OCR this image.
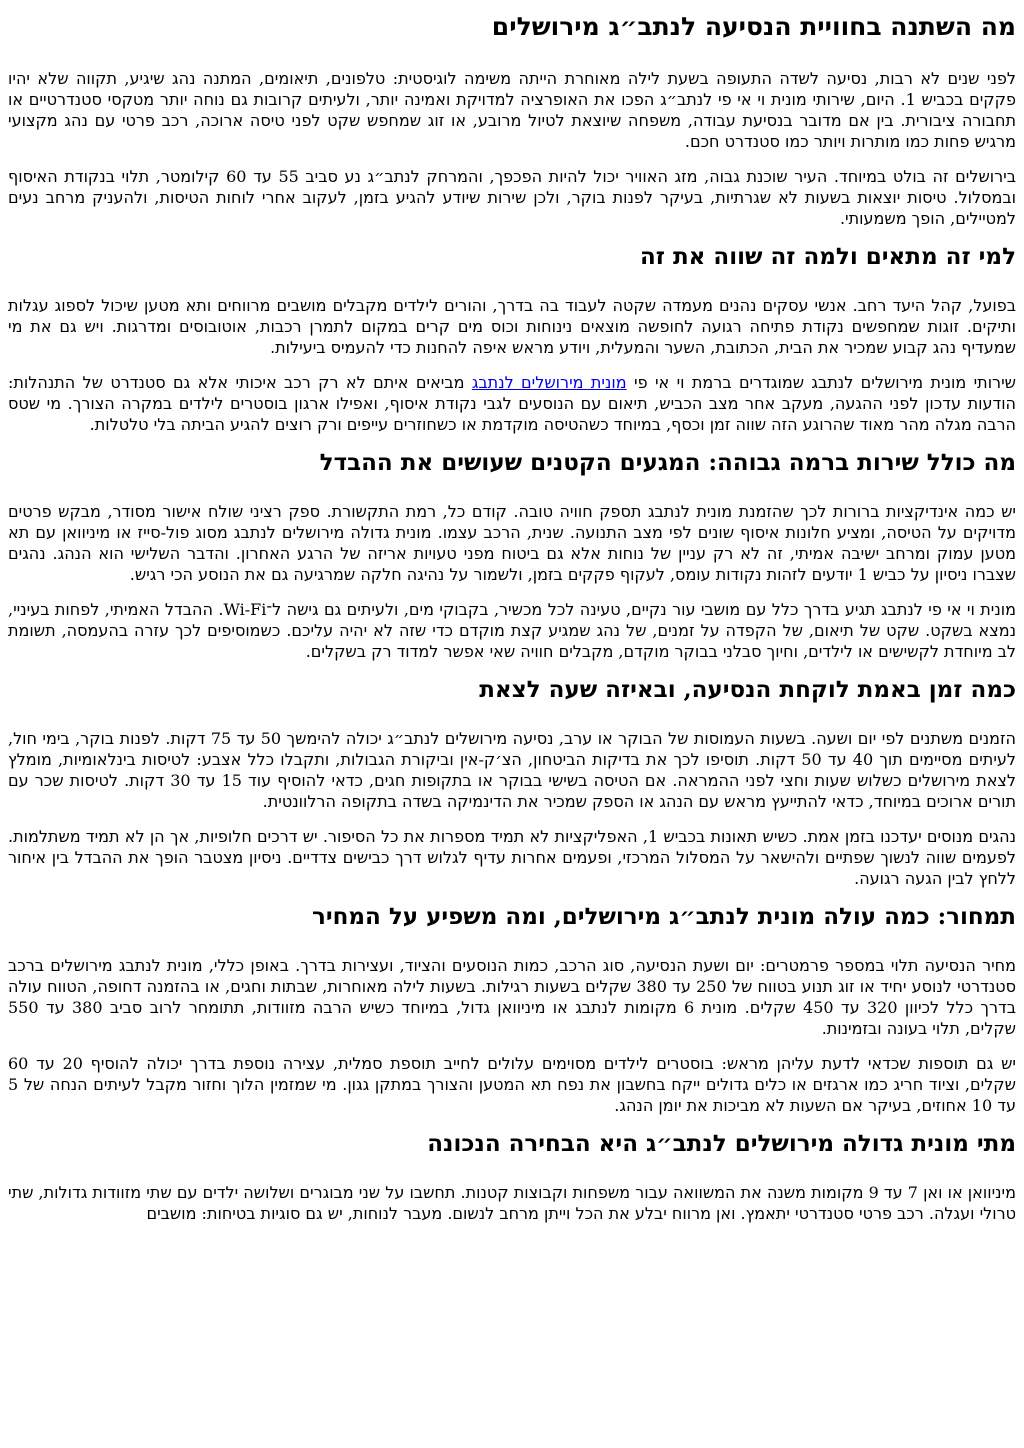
מה השתנה בחוויית הנסיעה לנתב״ג מירושלים

לפני שנים לא רבות, נסיעה לשדה התעופה בשעת לילה מאוחרת הייתה משימה לוגיסטית: טלפונים, תיאומים, המתנה נהג שיגיע, תקווה שלא יהיו פקקים בכביש 1. היום, שירותי מונית וי אי פי לנתב״ג הפכו את האופרציה למדויקת ואמינה יותר, ולעיתים קרובות גם נוחה יותר מטקסי סטנדרטיים או תחבורה ציבורית. בין אם מדובר בנסיעת עבודה, משפחה שיוצאת לטיול מרובע, או זוג שמחפש שקט לפני טיסה ארוכה, רכב פרטי עם נהג מקצועי מרגיש פחות כמו מותרות ויותר כמו סטנדרט חכם.

בירושלים זה בולט במיוחד. העיר שוכנת גבוה, מזג האוויר יכול להיות הפכפך, והמרחק לנתב״ג נע סביב 55 עד 60 קילומטר, תלוי בנקודת האיסוף ובמסלול. טיסות יוצאות בשעות לא שגרתיות, בעיקר לפנות בוקר, ולכן שירות שיודע להגיע בזמן, לעקוב אחרי לוחות הטיסות, ולהעניק מרחב נעים למטיילים, הופך משמעותי.

למי זה מתאים ולמה זה שווה את זה

בפועל, קהל היעד רחב. אנשי עסקים נהנים מעמדה שקטה לעבוד בה בדרך, והורים לילדים מקבלים מושבים מרווחים ותא מטען שיכול לספוג עגלות ותיקים. זוגות שמחפשים נקודת פתיחה רגועה לחופשה מוצאים נינוחות וכוס מים קרים במקום לתמרן רכבות, אוטובוסים ומדרגות. ויש גם את מי שמעדיף נהג קבוע שמכיר את הבית, הכתובת, השער והמעלית, ויודע מראש איפה להחנות כדי להעמיס ביעילות.

שירותי מונית מירושלים לנתבג שמוגדרים ברמת וי אי פי מונית מירושלים לנתבג מביאים איתם לא רק רכב איכותי אלא גם סטנדרט של התנהלות: הודעות עדכון לפני ההגעה, מעקב אחר מצב הכביש, תיאום עם הנוסעים לגבי נקודת איסוף, ואפילו ארגון בוסטרים לילדים במקרה הצורך. מי שטס הרבה מגלה מהר מאוד שהרוגע הזה שווה זמן וכסף, במיוחד כשהטיסה מוקדמת או כשחוזרים עייפים ורק רוצים להגיע הביתה בלי טלטלות.

מה כולל שירות ברמה גבוהה: המגעים הקטנים שעושים את ההבדל

יש כמה אינדיקציות ברורות לכך שהזמנת מונית לנתבג תספק חוויה טובה. קודם כל, רמת התקשורת. ספק רציני שולח אישור מסודר, מבקש פרטים מדויקים על הטיסה, ומציע חלונות איסוף שונים לפי מצב התנועה. שנית, הרכב עצמו. מונית גדולה מירושלים לנתבג מסוג פול-סייז או מיניוואן עם תא מטען עמוק ומרחב ישיבה אמיתי, זה לא רק עניין של נוחות אלא גם ביטוח מפני טעויות אריזה של הרגע האחרון. והדבר השלישי הוא הנהג. נהגים שצברו ניסיון על כביש 1 יודעים לזהות נקודות עומס, לעקוף פקקים בזמן, ולשמור על נהיגה חלקה שמרגיעה גם את הנוסע הכי רגיש.

מונית וי אי פי לנתבג תגיע בדרך כלל עם מושבי עור נקיים, טעינה לכל מכשיר, בקבוקי מים, ולעיתים גם גישה ל־Wi-Fi. ההבדל האמיתי, לפחות בעיניי, נמצא בשקט. שקט של תיאום, של הקפדה על זמנים, של נהג שמגיע קצת מוקדם כדי שזה לא יהיה עליכם. כשמוסיפים לכך עזרה בהעמסה, תשומת לב מיוחדת לקשישים או לילדים, וחיוך סבלני בבוקר מוקדם, מקבלים חוויה שאי אפשר למדוד רק בשקלים.

כמה זמן באמת לוקחת הנסיעה, ובאיזה שעה לצאת

הזמנים משתנים לפי יום ושעה. בשעות העמוסות של הבוקר או ערב, נסיעה מירושלים לנתב״ג יכולה להימשך 50 עד 75 דקות. לפנות בוקר, בימי חול, לעיתים מסיימים תוך 40 עד 50 דקות. תוסיפו לכך את בדיקות הביטחון, הצ׳ק-אין וביקורת הגבולות, ותקבלו כלל אצבע: לטיסות בינלאומיות, מומלץ לצאת מירושלים כשלוש שעות וחצי לפני ההמראה. אם הטיסה בשישי בבוקר או בתקופות חגים, כדאי להוסיף עוד 15 עד 30 דקות. לטיסות שכר עם תורים ארוכים במיוחד, כדאי להתייעץ מראש עם הנהג או הספק שמכיר את הדינמיקה בשדה בתקופה הרלוונטית.

נהגים מנוסים יעדכנו בזמן אמת. כשיש תאונות בכביש 1, האפליקציות לא תמיד מספרות את כל הסיפור. יש דרכים חלופיות, אך הן לא תמיד משתלמות. לפעמים שווה לנשוך שפתיים ולהישאר על המסלול המרכזי, ופעמים אחרות עדיף לגלוש דרך כבישים צדדיים. ניסיון מצטבר הופך את ההבדל בין איחור ללחץ לבין הגעה רגועה.

תמחור: כמה עולה מונית לנתב״ג מירושלים, ומה משפיע על המחיר

מחיר הנסיעה תלוי במספר פרמטרים: יום ושעת הנסיעה, סוג הרכב, כמות הנוסעים והציוד, ועצירות בדרך. באופן כללי, מונית לנתבג מירושלים ברכב סטנדרטי לנוסע יחיד או זוג תנוע בטווח של 250 עד 380 שקלים בשעות רגילות. בשעות לילה מאוחרות, שבתות וחגים, או בהזמנה דחופה, הטווח עולה בדרך כלל לכיוון 320 עד 450 שקלים. מונית 6 מקומות לנתבג או מיניוואן גדול, במיוחד כשיש הרבה מזוודות, תתומחר לרוב סביב 380 עד 550 שקלים, תלוי בעונה ובזמינות.

יש גם תוספות שכדאי לדעת עליהן מראש: בוסטרים לילדים מסוימים עלולים לחייב תוספת סמלית, עצירה נוספת בדרך יכולה להוסיף 20 עד 60 שקלים, וציוד חריג כמו ארגזים או כלים גדולים ייקח בחשבון את נפח תא המטען והצורך במתקן גגון. מי שמזמין הלוך וחזור מקבל לעיתים הנחה של 5 עד 10 אחוזים, בעיקר אם השעות לא מביכות את יומן הנהג.

מתי מונית גדולה מירושלים לנתב״ג היא הבחירה הנכונה

מיניוואן או ואן 7 עד 9 מקומות משנה את המשוואה עבור משפחות וקבוצות קטנות. תחשבו על שני מבוגרים ושלושה ילדים עם שתי מזוודות גדולות, שתי טרולי ועגלה. רכב פרטי סטנדרטי יתאמץ. ואן מרווח יבלע את הכל וייתן מרחב לנשום. מעבר לנוחות, יש גם סוגיות בטיחות: מושבים
